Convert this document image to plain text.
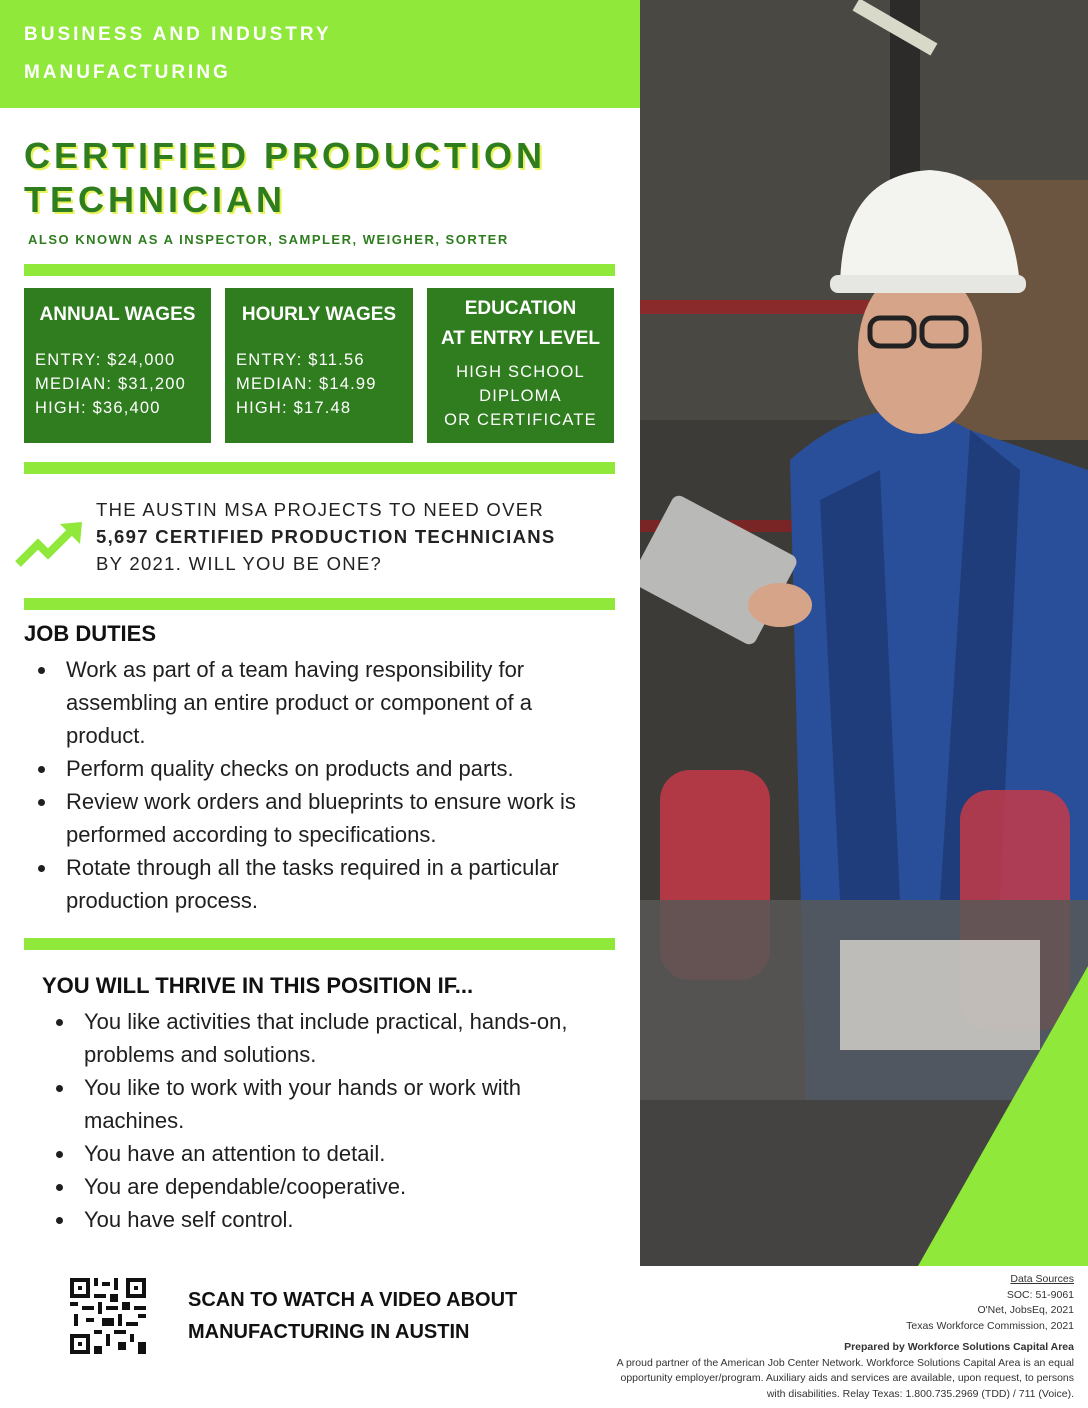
BUSINESS AND INDUSTRY
MANUFACTURING
CERTIFIED PRODUCTION
TECHNICIAN
ALSO KNOWN AS A INSPECTOR, SAMPLER, WEIGHER, SORTER
ANNUAL WAGES
ENTRY: $24,000
MEDIAN: $31,200
HIGH: $36,400
HOURLY WAGES
ENTRY: $11.56
MEDIAN: $14.99
HIGH: $17.48
EDUCATION
AT ENTRY LEVEL
HIGH SCHOOL
DIPLOMA
OR CERTIFICATE
THE AUSTIN MSA PROJECTS TO NEED OVER
5,697 CERTIFIED PRODUCTION TECHNICIANS
BY 2021. WILL YOU BE ONE?
JOB DUTIES
Work as part of a team having responsibility for assembling an entire product or component of a product.
Perform quality checks on products and parts.
Review work orders and blueprints to ensure work is performed according to specifications.
Rotate through all the tasks required in a particular production process.
YOU WILL THRIVE IN THIS POSITION IF...
You like activities that include practical, hands-on, problems and solutions.
You like to work with your hands or work with machines.
You have an attention to detail.
You are dependable/cooperative.
You have self control.
SCAN TO WATCH A VIDEO ABOUT
MANUFACTURING IN AUSTIN
Data Sources
SOC: 51-9061
O'Net, JobsEq, 2021
Texas Workforce Commission, 2021
Prepared by Workforce Solutions Capital Area
A proud partner of the American Job Center Network. Workforce Solutions Capital Area is an equal opportunity employer/program. Auxiliary aids and services are available, upon request, to persons with disabilities. Relay Texas: 1.800.735.2969 (TDD) / 711 (Voice).
